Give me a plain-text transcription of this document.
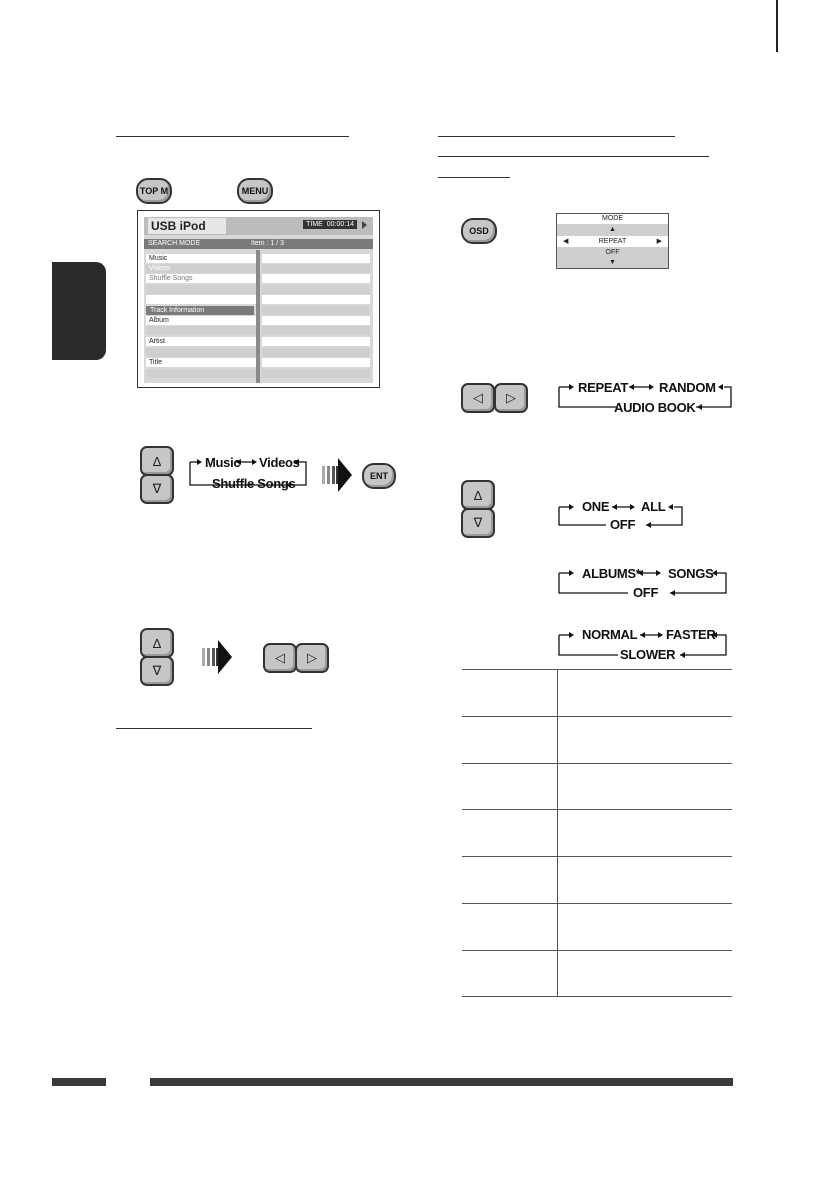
TOP M	MENU
USB iPod	TIME 00:00:14
SEARCH MODE	Item : 1 / 3
Music
Videos
Shuffle Songs
Track Information
Album
Artist
Title
∆
∇
Music Videos
Shuffle Songs	ENT
∆
∇
◁ ▷
OSD
MODE
▲
◀	REPEAT	▶
OFF
▼
◁ ▷
REPEAT RANDOM
AUDIO BOOK
∆
∇
ONE ALL
OFF
ALBUMS* SONGS
OFF
NORMAL FASTER
SLOWER
